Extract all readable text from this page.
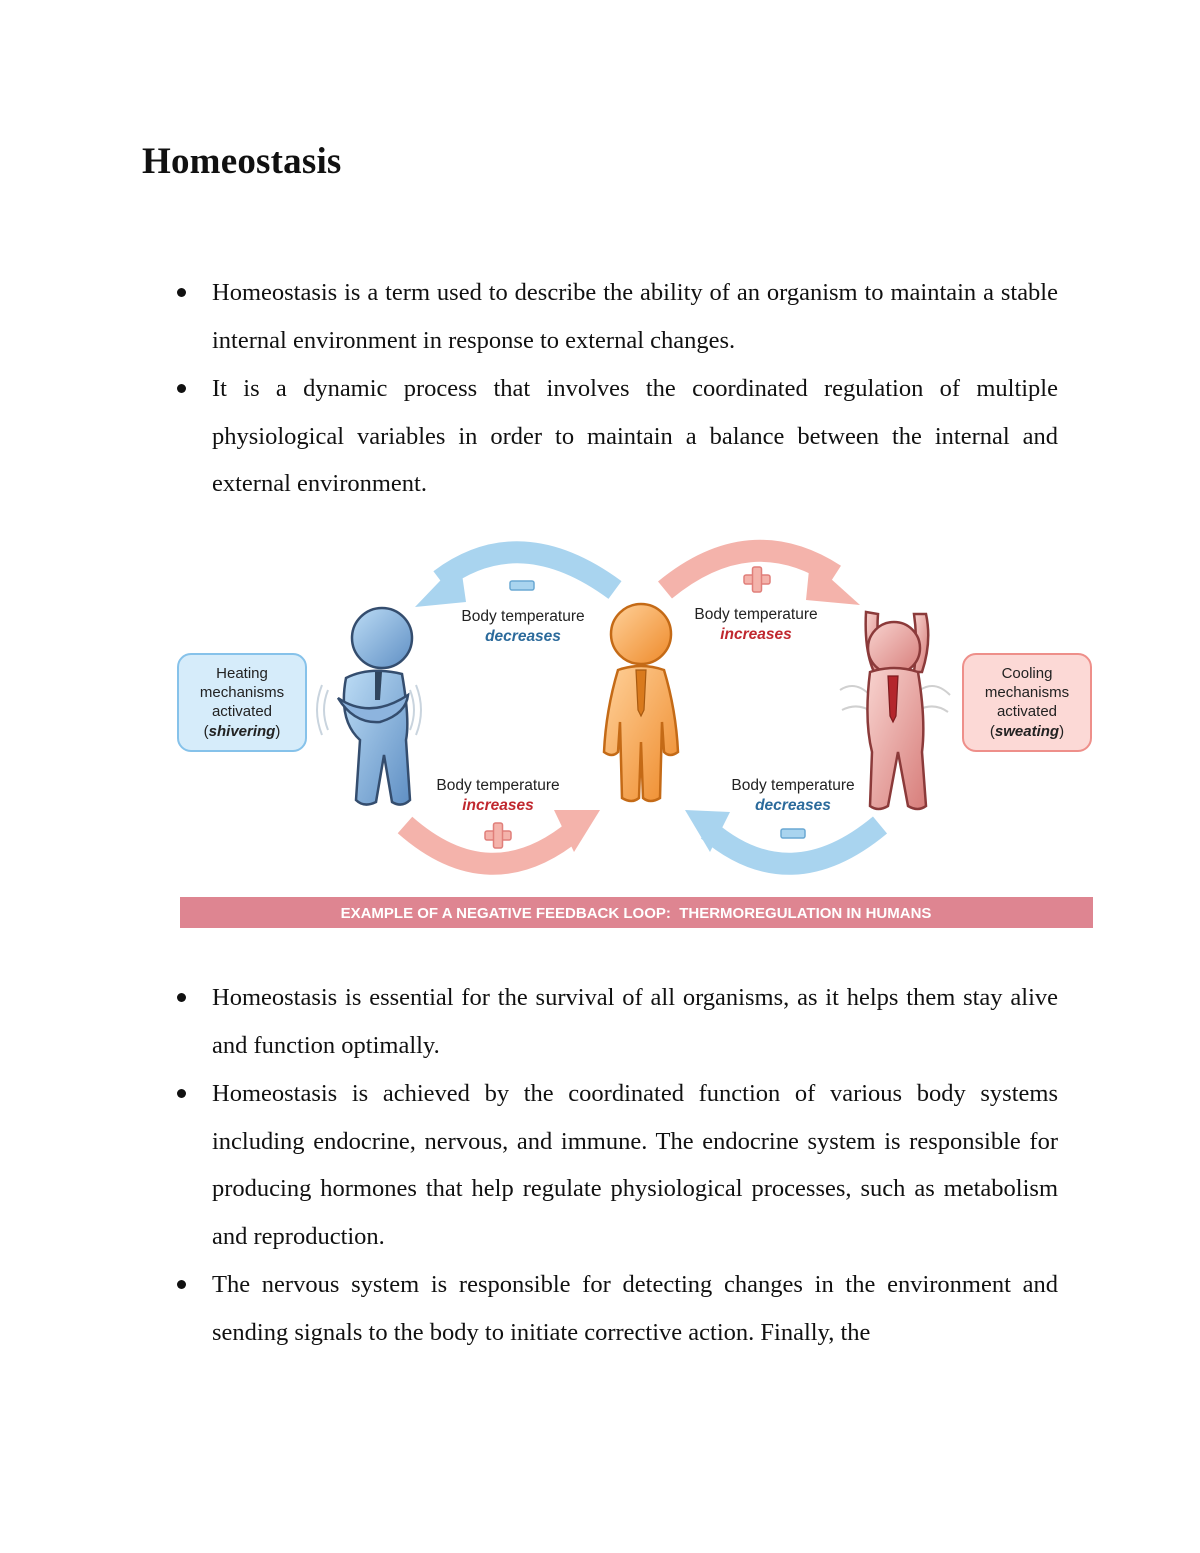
Homeostasis
Homeostasis is a term used to describe the ability of an organism to maintain a stable internal environment in response to external changes.
It is a dynamic process that involves the coordinated regulation of multiple physiological variables in order to maintain a balance between the internal and external environment.
Body temperature
decreases
Body temperature
increases
Body temperature
increases
Body temperature
decreases
Heating
mechanisms
activated
(shivering)
Cooling
mechanisms
activated
(sweating)
EXAMPLE OF A NEGATIVE FEEDBACK LOOP:  THERMOREGULATION IN HUMANS
Homeostasis is essential for the survival of all organisms, as it helps them stay alive and function optimally.
Homeostasis is achieved by the coordinated function of various body systems including endocrine, nervous, and immune. The endocrine system is responsible for producing hormones that help regulate physiological processes, such as metabolism and reproduction.
The nervous system is responsible for detecting changes in the environment and sending signals to the body to initiate corrective action. Finally, the
